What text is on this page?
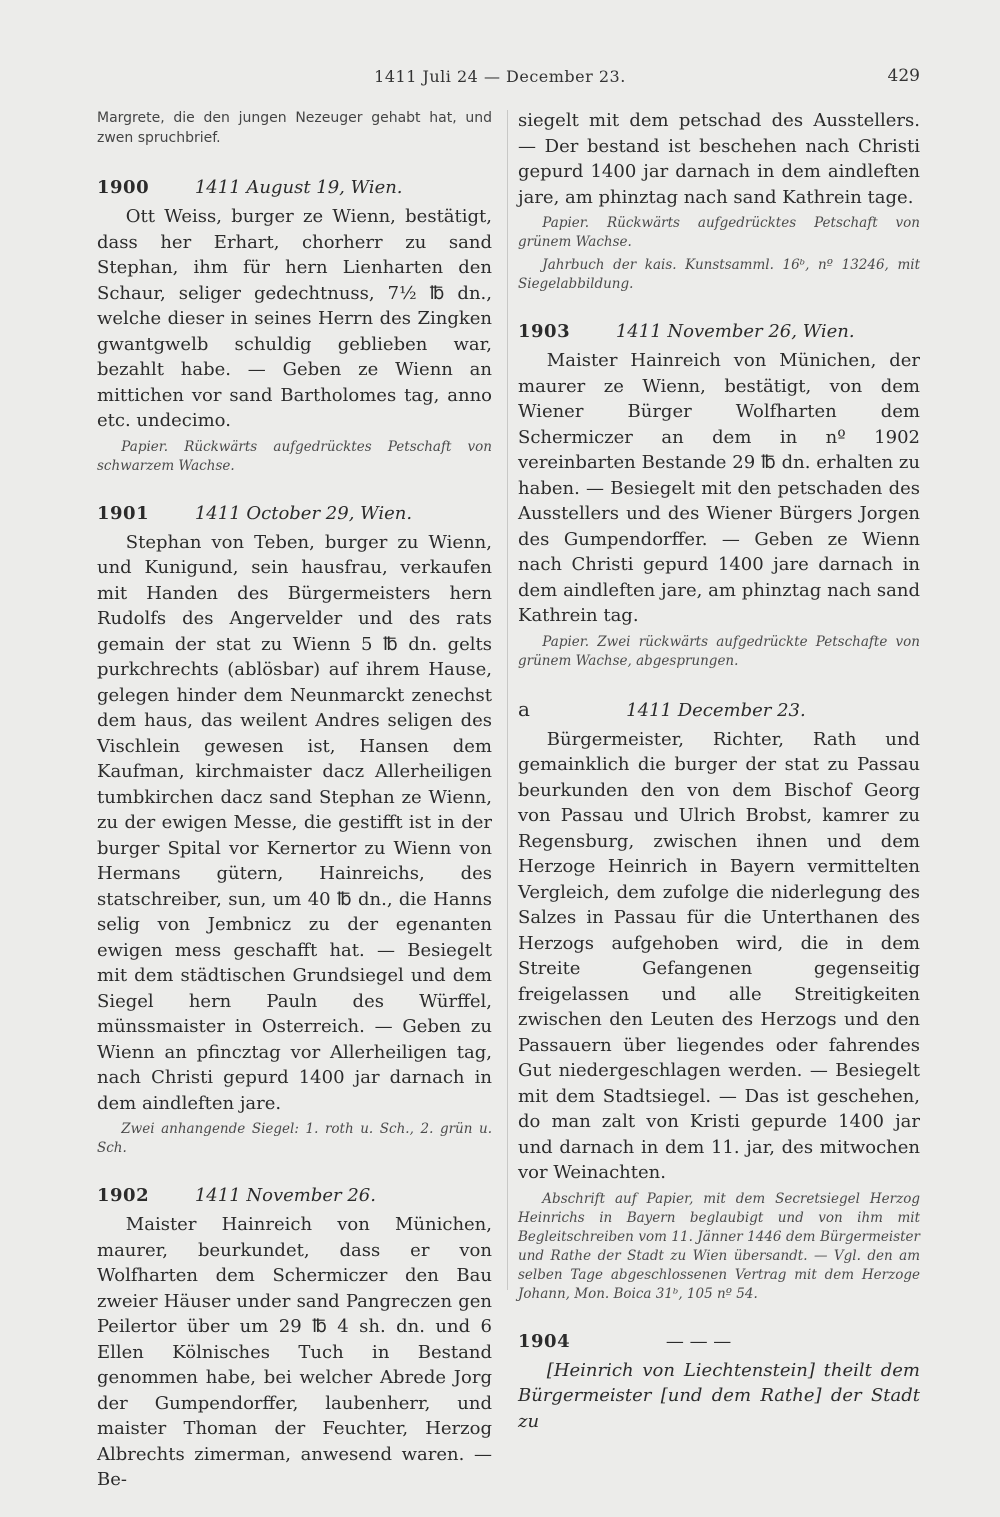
1411 Juli 24 — December 23.	429

Margrete, die den jungen Nezeuger gehabt hat, und zwen spruchbrief.

1900	1411 August 19, Wien.

Ott Weiss, burger ze Wienn, bestätigt, dass her Erhart, chorherr zu sand Stephan, ihm für hern Lienharten den Schaur, seliger gedechtnuss, 7½ ℔ dn., welche dieser in seines Herrn des Zingken gwantgwelb schuldig geblieben war, bezahlt habe. — Geben ze Wienn an mittichen vor sand Bartholomes tag, anno etc. undecimo.

Papier. Rückwärts aufgedrücktes Petschaft von schwarzem Wachse.

1901	1411 October 29, Wien.

Stephan von Teben, burger zu Wienn, und Kunigund, sein hausfrau, verkaufen mit Handen des Bürgermeisters hern Rudolfs des Angervelder und des rats gemain der stat zu Wienn 5 ℔ dn. gelts purkchrechts (ablösbar) auf ihrem Hause, gelegen hinder dem Neunmarckt zenechst dem haus, das weilent Andres seligen des Vischlein gewesen ist, Hansen dem Kaufman, kirchmaister dacz Allerheiligen tumbkirchen dacz sand Stephan ze Wienn, zu der ewigen Messe, die gestifft ist in der burger Spital vor Kernertor zu Wienn von Hermans gütern, Hainreichs, des statschreiber, sun, um 40 ℔ dn., die Hanns selig von Jembnicz zu der egenanten ewigen mess geschafft hat. — Besiegelt mit dem städtischen Grundsiegel und dem Siegel hern Pauln des Würffel, münssmaister in Osterreich. — Geben zu Wienn an pfincztag vor Allerheiligen tag, nach Christi gepurd 1400 jar darnach in dem aindleften jare.

Zwei anhangende Siegel: 1. roth u. Sch., 2. grün u. Sch.

1902	1411 November 26.

Maister Hainreich von Münichen, maurer, beurkundet, dass er von Wolfharten dem Schermiczer den Bau zweier Häuser under sand Pangreczen gen Peilertor über um 29 ℔ 4 sh. dn. und 6 Ellen Kölnisches Tuch in Bestand genommen habe, bei welcher Abrede Jorg der Gumpendorffer, laubenherr, und maister Thoman der Feuchter, Herzog Albrechts zimerman, anwesend waren. — Be-

siegelt mit dem petschad des Ausstellers. — Der bestand ist beschehen nach Christi gepurd 1400 jar darnach in dem aindleften jare, am phinztag nach sand Kathrein tage.

Papier. Rückwärts aufgedrücktes Petschaft von grünem Wachse.

Jahrbuch der kais. Kunstsamml. 16ᵇ, nº 13246, mit Siegelabbildung.

1903	1411 November 26, Wien.

Maister Hainreich von Münichen, der maurer ze Wienn, bestätigt, von dem Wiener Bürger Wolfharten dem Schermiczer an dem in nº 1902 vereinbarten Bestande 29 ℔ dn. erhalten zu haben. — Besiegelt mit den petschaden des Ausstellers und des Wiener Bürgers Jorgen des Gumpendorffer. — Geben ze Wienn nach Christi gepurd 1400 jare darnach in dem aindleften jare, am phinztag nach sand Kathrein tag.

Papier. Zwei rückwärts aufgedrückte Petschafte von grünem Wachse, abgesprungen.

a	1411 December 23.

Bürgermeister, Richter, Rath und gemainklich die burger der stat zu Passau beurkunden den von dem Bischof Georg von Passau und Ulrich Brobst, kamrer zu Regensburg, zwischen ihnen und dem Herzoge Heinrich in Bayern vermittelten Vergleich, dem zufolge die niderlegung des Salzes in Passau für die Unterthanen des Herzogs aufgehoben wird, die in dem Streite Gefangenen gegenseitig freigelassen und alle Streitigkeiten zwischen den Leuten des Herzogs und den Passauern über liegendes oder fahrendes Gut niedergeschlagen werden. — Besiegelt mit dem Stadtsiegel. — Das ist geschehen, do man zalt von Kristi gepurde 1400 jar und darnach in dem 11. jar, des mitwochen vor Weinachten.

Abschrift auf Papier, mit dem Secretsiegel Herzog Heinrichs in Bayern beglaubigt und von ihm mit Begleitschreiben vom 11. Jänner 1446 dem Bürgermeister und Rathe der Stadt zu Wien übersandt. — Vgl. den am selben Tage abgeschlossenen Vertrag mit dem Herzoge Johann, Mon. Boica 31ᵇ, 105 nº 54.

1904	— — —

[Heinrich von Liechtenstein] theilt dem Bürgermeister [und dem Rathe] der Stadt zu
